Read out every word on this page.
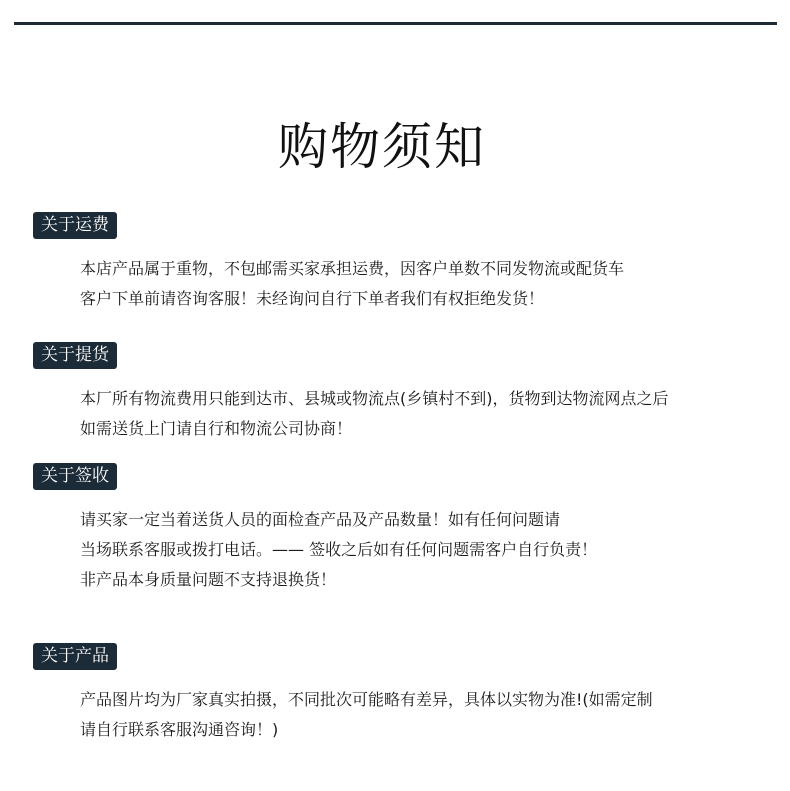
购物须知
关于运费

本店产品属于重物，不包邮需买家承担运费，因客户单数不同发物流或配货车

客户下单前请咨询客服！未经询问自行下单者我们有权拒绝发货！

关于提货

本厂所有物流费用只能到达市、县城或物流点(乡镇村不到)，货物到达物流网点之后

如需送货上门请自行和物流公司协商！

关于签收

请买家一定当着送货人员的面检查产品及产品数量！如有任何问题请

当场联系客服或拨打电话。—— 签收之后如有任何问题需客户自行负责！

非产品本身质量问题不支持退换货！

关于产品

产品图片均为厂家真实拍摄，不同批次可能略有差异，具体以实物为准!(如需定制

请自行联系客服沟通咨询！)
